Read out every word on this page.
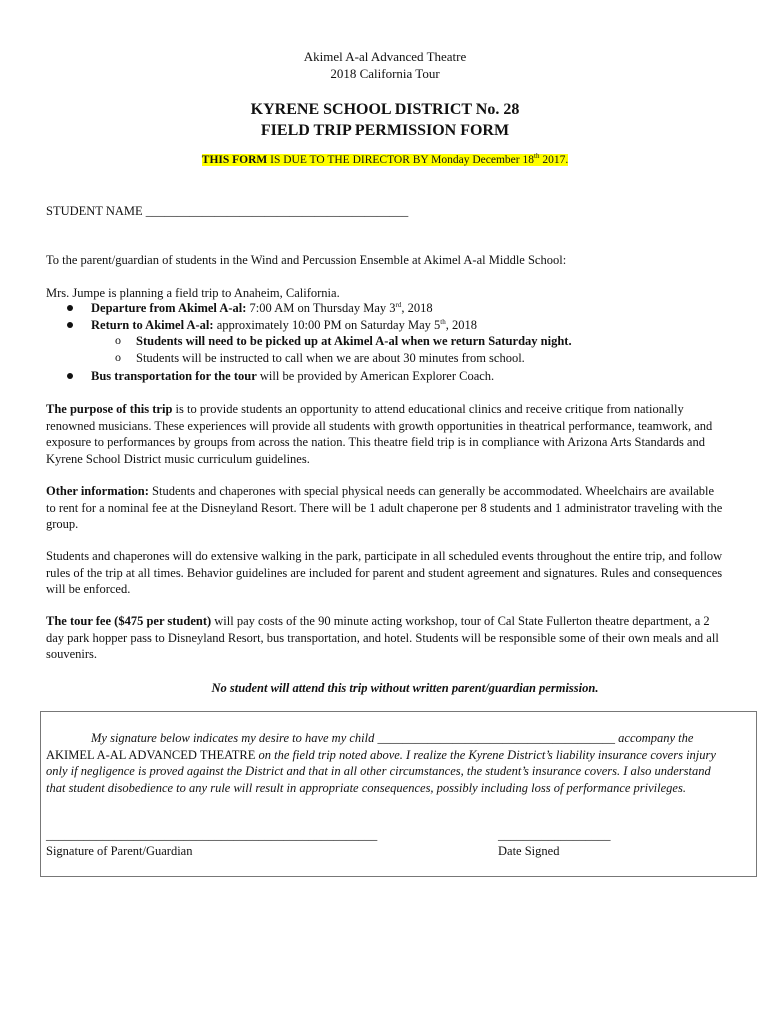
Akimel A-al Advanced Theatre
2018 California Tour
KYRENE SCHOOL DISTRICT No. 28
FIELD TRIP PERMISSION FORM
THIS FORM IS DUE TO THE DIRECTOR BY Monday December 18th 2017.
STUDENT NAME __________________________________________
To the parent/guardian of students in the Wind and Percussion Ensemble at Akimel A-al Middle School:
Mrs. Jumpe is planning a field trip to Anaheim, California.
Departure from Akimel A-al: 7:00 AM on Thursday May 3rd, 2018
Return to Akimel A-al: approximately 10:00 PM on Saturday May 5th, 2018
o Students will need to be picked up at Akimel A-al when we return Saturday night.
o Students will be instructed to call when we are about 30 minutes from school.
Bus transportation for the tour will be provided by American Explorer Coach.
The purpose of this trip is to provide students an opportunity to attend educational clinics and receive critique from nationally renowned musicians. These experiences will provide all students with growth opportunities in theatrical performance, teamwork, and exposure to performances by groups from across the nation. This theatre field trip is in compliance with Arizona Arts Standards and Kyrene School District music curriculum guidelines.
Other information: Students and chaperones with special physical needs can generally be accommodated. Wheelchairs are available to rent for a nominal fee at the Disneyland Resort. There will be 1 adult chaperone per 8 students and 1 administrator traveling with the group.
Students and chaperones will do extensive walking in the park, participate in all scheduled events throughout the entire trip, and follow rules of the trip at all times. Behavior guidelines are included for parent and student agreement and signatures. Rules and consequences will be enforced.
The tour fee ($475 per student) will pay costs of the 90 minute acting workshop, tour of Cal State Fullerton theatre department, a 2 day park hopper pass to Disneyland Resort, bus transportation, and hotel. Students will be responsible some of their own meals and all souvenirs.
No student will attend this trip without written parent/guardian permission.
My signature below indicates my desire to have my child ______________________________________ accompany the AKIMEL A-AL ADVANCED THEATRE on the field trip noted above. I realize the Kyrene District’s liability insurance covers injury only if negligence is proved against the District and that in all other circumstances, the student’s insurance covers. I also understand that student disobedience to any rule will result in appropriate consequences, possibly including loss of performance privileges.
_____________________________________________________
Signature of Parent/Guardian
__________________
Date Signed
